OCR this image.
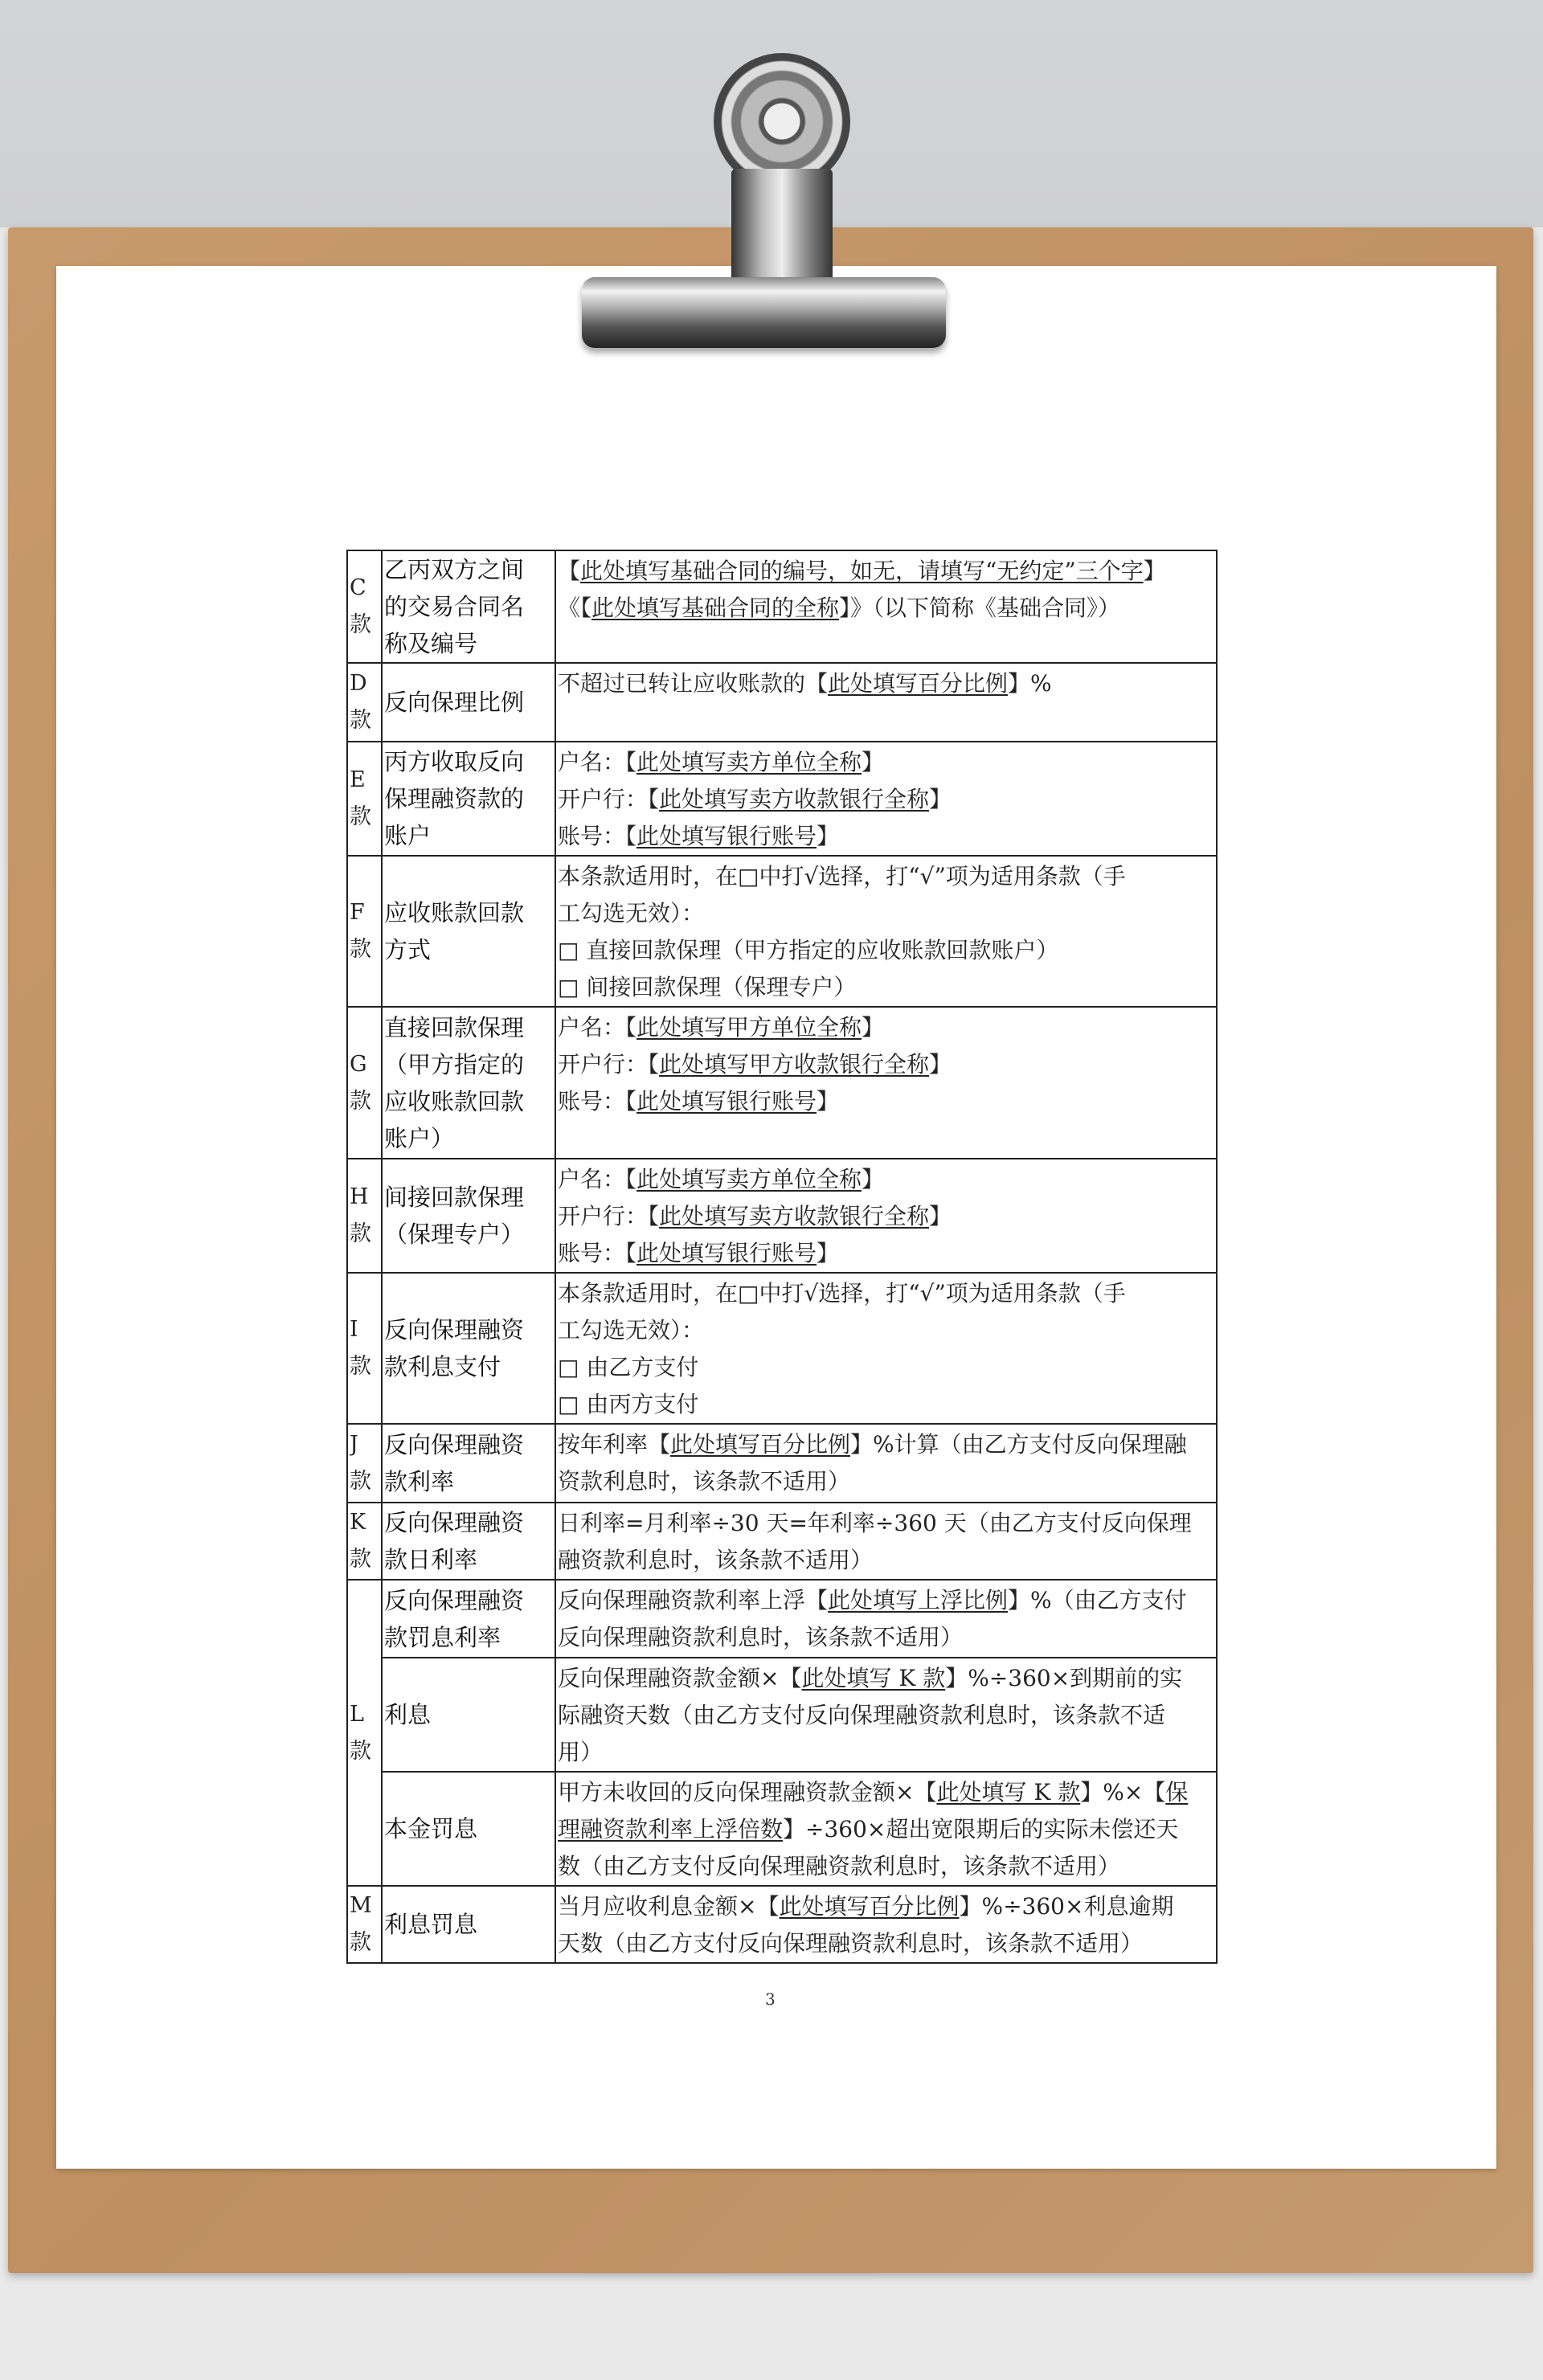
C
款	乙丙双方之间
的交易合同名
称及编号	【此处填写基础合同的编号，如无，请填写“无约定”三个字】
《【此处填写基础合同的全称】》（以下简称《基础合同》）

D
款	反向保理比例	不超过已转让应收账款的【此处填写百分比例】%

E
款	丙方收取反向
保理融资款的
账户	户名：【此处填写卖方单位全称】
开户行：【此处填写卖方收款银行全称】
账号：【此处填写银行账号】

F
款	应收账款回款
方式	本条款适用时，在□中打√选择，打“√”项为适用条款（手
工勾选无效）：
□ 直接回款保理（甲方指定的应收账款回款账户）
□ 间接回款保理（保理专户）

G
款	直接回款保理
（甲方指定的
应收账款回款
账户）	户名：【此处填写甲方单位全称】
开户行：【此处填写甲方收款银行全称】
账号：【此处填写银行账号】

H
款	间接回款保理
（保理专户）	户名：【此处填写卖方单位全称】
开户行：【此处填写卖方收款银行全称】
账号：【此处填写银行账号】

I
款	反向保理融资
款利息支付	本条款适用时，在□中打√选择，打“√”项为适用条款（手
工勾选无效）：
□ 由乙方支付
□ 由丙方支付

J
款	反向保理融资
款利率	按年利率【此处填写百分比例】%计算（由乙方支付反向保理融
资款利息时，该条款不适用）

K
款	反向保理融资
款日利率	日利率=月利率÷30 天=年利率÷360 天（由乙方支付反向保理
融资款利息时，该条款不适用）

L
款	反向保理融资
款罚息利率	反向保理融资款利率上浮【此处填写上浮比例】%（由乙方支付
反向保理融资款利息时，该条款不适用）

	利息	反向保理融资款金额×【此处填写 K 款】%÷360×到期前的实
际融资天数（由乙方支付反向保理融资款利息时，该条款不适
用）

	本金罚息	甲方未收回的反向保理融资款金额×【此处填写 K 款】%×【保
理融资款利率上浮倍数】÷360×超出宽限期后的实际未偿还天
数（由乙方支付反向保理融资款利息时，该条款不适用）

M
款	利息罚息	当月应收利息金额×【此处填写百分比例】%÷360×利息逾期
天数（由乙方支付反向保理融资款利息时，该条款不适用）
3
